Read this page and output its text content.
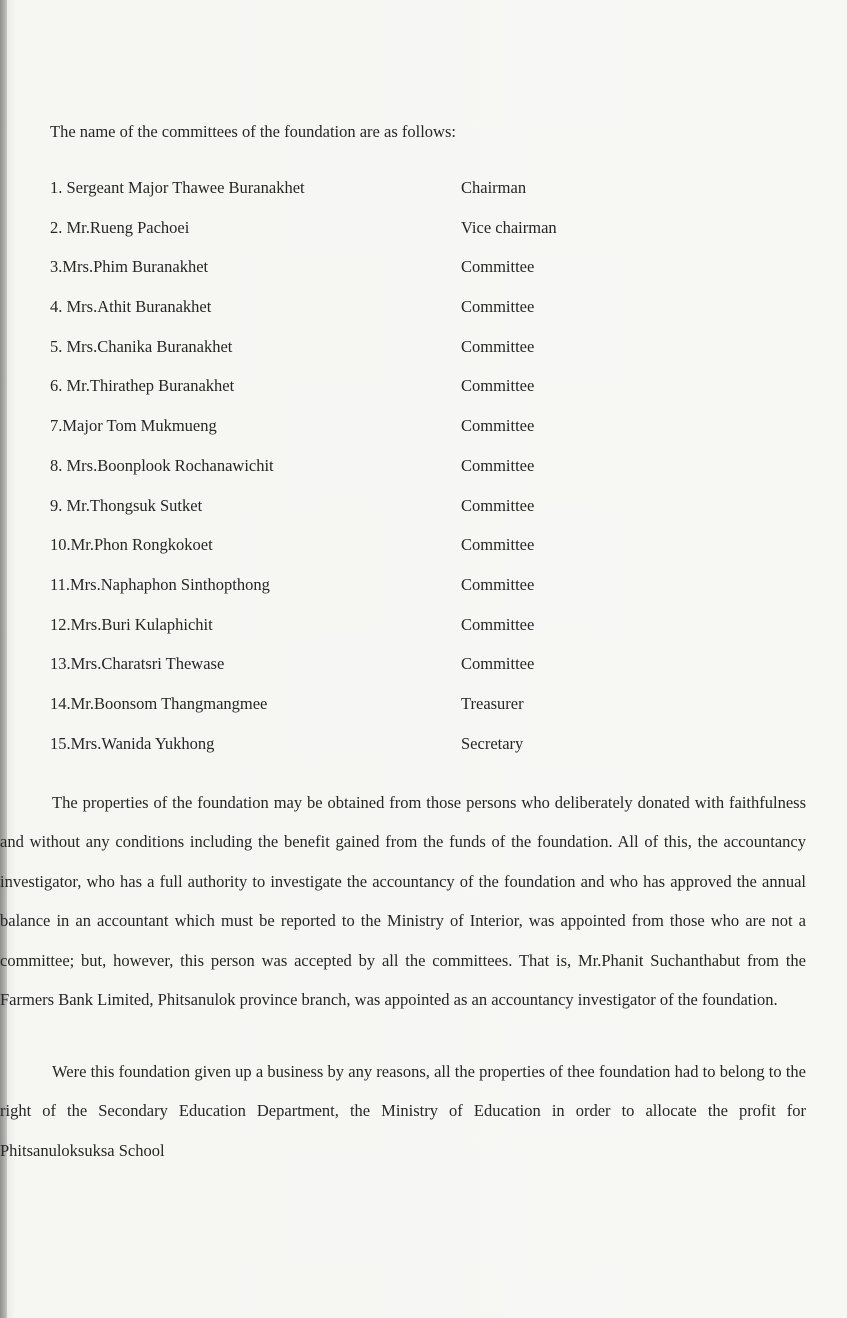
The name of the committees of the foundation are as follows:

1. Sergeant Major Thawee Buranakhet	Chairman
2. Mr.Rueng Pachoei	Vice chairman
3.Mrs.Phim Buranakhet	Committee
4. Mrs.Athit Buranakhet	Committee
5. Mrs.Chanika Buranakhet	Committee
6. Mr.Thirathep Buranakhet	Committee
7.Major Tom Mukmueng	Committee
8. Mrs.Boonplook Rochanawichit	Committee
9. Mr.Thongsuk Sutket	Committee
10.Mr.Phon Rongkokoet	Committee
11.Mrs.Naphaphon Sinthopthong	Committee
12.Mrs.Buri Kulaphichit	Committee
13.Mrs.Charatsri Thewase	Committee
14.Mr.Boonsom Thangmangmee	Treasurer
15.Mrs.Wanida Yukhong	Secretary

The properties of the foundation may be obtained from those persons who deliberately donated with faithfulness and without any conditions including the benefit gained from the funds of the foundation. All of this, the accountancy investigator, who has a full authority to investigate the accountancy of the foundation and who has approved the annual balance in an accountant which must be reported to the Ministry of Interior, was appointed from those who are not a committee; but, however, this person was accepted by all the committees. That is, Mr.Phanit Suchanthabut from the Farmers Bank Limited, Phitsanulok province branch, was appointed as an accountancy investigator of the foundation.

Were this foundation given up a business by any reasons, all the properties of thee foundation had to belong to the right of the Secondary Education Department, the Ministry of Education in order to allocate the profit for Phitsanuloksuksa School
